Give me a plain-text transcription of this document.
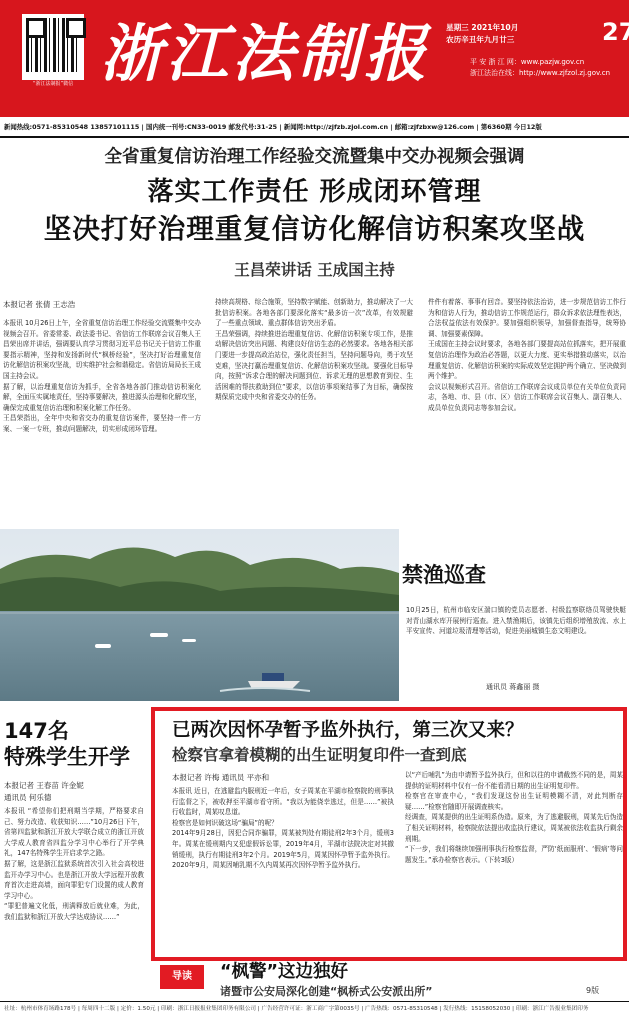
“浙江法制报”微信 浙江法制报 星期三 2021年10月
农历辛丑年九月廿三	27
平 安 浙 江 网：www.pazjw.gov.cn
浙江法治在线：http://www.zjfzol.zj.gov.cn
新闻热线:0571-85310548 13857101115 | 国内统一刊号:CN33-0019 邮发代号:31-25 | 新闻网:http://zjfzb.zjol.com.cn | 邮箱:zjfzbxw@126.com | 第6360期 今日12版
全省重复信访治理工作经验交流暨集中交办视频会强调
落实工作责任 形成闭环管理
坚决打好治理重复信访化解信访积案攻坚战
王昌荣讲话 王成国主持
本报记者 张倩 王志浩
本报讯 10月26日上午，全省重复信访治理工作经验交流暨集中交办视频会召开。省委常委、政法委书记、省信访工作联席会议召集人王昌荣出席并讲话，强调要认真学习贯彻习近平总书记关于信访工作重要指示精神，坚持和发扬新时代“枫桥经验”，坚决打好治理重复信访化解信访积案攻坚战，切实维护社会和谐稳定。省信访局局长王成国主持会议。
据了解，以治理重复信访为抓手，全省各地各部门推动信访积案化解，全面压实属地责任，坚持事要解决，推进源头治理和化解攻坚，确保完成重复信访治理和积案化解工作任务。
王昌荣指出，全年中央和省交办的重复信访案件，要坚持一件一方案、一案一专班，推动问题解决，切实形成闭环管理。
持续高规格、综合施策，坚持数字赋能、创新助力，推动解决了一大批信访积案。各地各部门要深化落实“最多访一次”改革，有效规避了一些重点领域、重点群体信访突出矛盾。
王昌荣强调，持续推进治理重复信访、化解信访积案专项工作，是推动解决信访突出问题、构建良好信访生态的必然要求。各地各相关部门要进一步提高政治站位，强化责任担当，坚持问题导向，勇于攻坚克难，坚决打赢治理重复信访、化解信访积案攻坚战。要强化目标导向，按照“诉求合理的解决问题到位、诉求无理的思想教育到位、生活困难的帮扶救助到位”要求，以信访事项案结事了为目标，确保按期保质完成中央和省委交办的任务。
件件有着落、事事有回音。要坚持依法治访，进一步规范信访工作行为和信访人行为，推动信访工作规范运行，群众诉求依法理性表达，合法权益依法有效保护。要加强组织领导，加强督查指导，统筹协调、加强要素保障。
王成国在主持会议时要求，各地各部门要提高站位抓落实，把开展重复信访治理作为政治必答题，以更大力度、更实举措推动落实，以治理重复信访、化解信访积案的实际成效坚定拥护两个确立、坚决做到两个维护。
会议以视频形式召开。省信访工作联席会议成员单位有关单位负责同志，各地、市、县（市、区）信访工作联席会议召集人、副召集人、成员单位负责同志等参加会议。
禁渔巡查
10月25日，杭州市临安区湍口镇的党员志愿者、村级监察联络员驾驶快艇对青山湖水库开展例行巡查。进入禁渔期后，该镇先后组织增殖放流、水上平安宣传、河道垃圾清理等活动，促进美丽城镇生态文明建设。
通讯员 蒋鑫丽 摄
147名
特殊学生开学
本报记者 王春苗 许金妮
通讯员 何乐德
本报讯 “希望你们把刑期当学期，严格要求自己、努力改造、收获知识……”10月26日下午，省第四监狱和浙江开放大学联合成立的浙江开放大学成人教育省四监分学习中心举行了开学典礼，147名特殊学生开启求学之路。
据了解，这是浙江监狱系统首次引入社会高校进监开办学习中心。也是浙江开放大学远程开放教育首次走进高墙，面向罪犯专门设置的成人教育学习中心。
“罪犯普遍文化低，刑满释放后就业难，为此，我们监狱和浙江开放大学达成协议……”
已两次因怀孕暂予监外执行，第三次又来？
检察官拿着模糊的出生证明复印件一查到底
本报记者 许梅 通讯员 平亦和
本报讯 近日，在逃避监内服刑近一年后，女子周某在平湖市检察院的刑事执行监督之下，被收押至平湖市看守所。“我以为能侥幸逃过，但是……”被执行收监时，周某叹息道。
检察官是如何识破这场“骗局”的呢？
2014年9月28日，因犯合同诈骗罪，周某被判处有期徒刑2年3个月，缓刑3年。周某在缓刑期内又犯虚假诉讼罪，2019年4月，平湖市法院决定对其撤销缓刑，执行有期徒刑3年2个月。2019年5月，周某因怀孕暂予监外执行。2020年9月，周某因哺乳期不久内周某再次因怀孕暂予监外执行。
以“产后哺乳”为由申请暂予监外执行，但和以往的申请截然不同的是，周某提供的证明材料中仅有一份不能看清日期的出生证明复印件。
检察官在审查中心，“我们发现这份出生证明模糊不清，对此判断存疑……”检察官随即开展调查核实。
经调查，周某提供的出生证明系伪造。原来，为了逃避服刑，周某先后伪造了相关证明材料，检察院依法提出收监执行建议，周某被依法收监执行剩余刑期。
“下一步，我们将继续加强刑事执行检察监督，严防‘纸面服刑’、‘假病’等问题发生。”承办检察官表示。（下转3版）
导读	“枫警”这边独好
诸暨市公安局深化创建“枫桥式公安派出所”	9版
社址：杭州市体育场路178号 | 每周四十二版 | 定价：1.50元 | 印刷：浙江日报报业集团印务有限公司 | 广告经营许可证：浙工商广字第0035号 | 广告热线：0571-85310548 | 发行热线：15158052030 | 印刷：浙江广告报业集团印务
